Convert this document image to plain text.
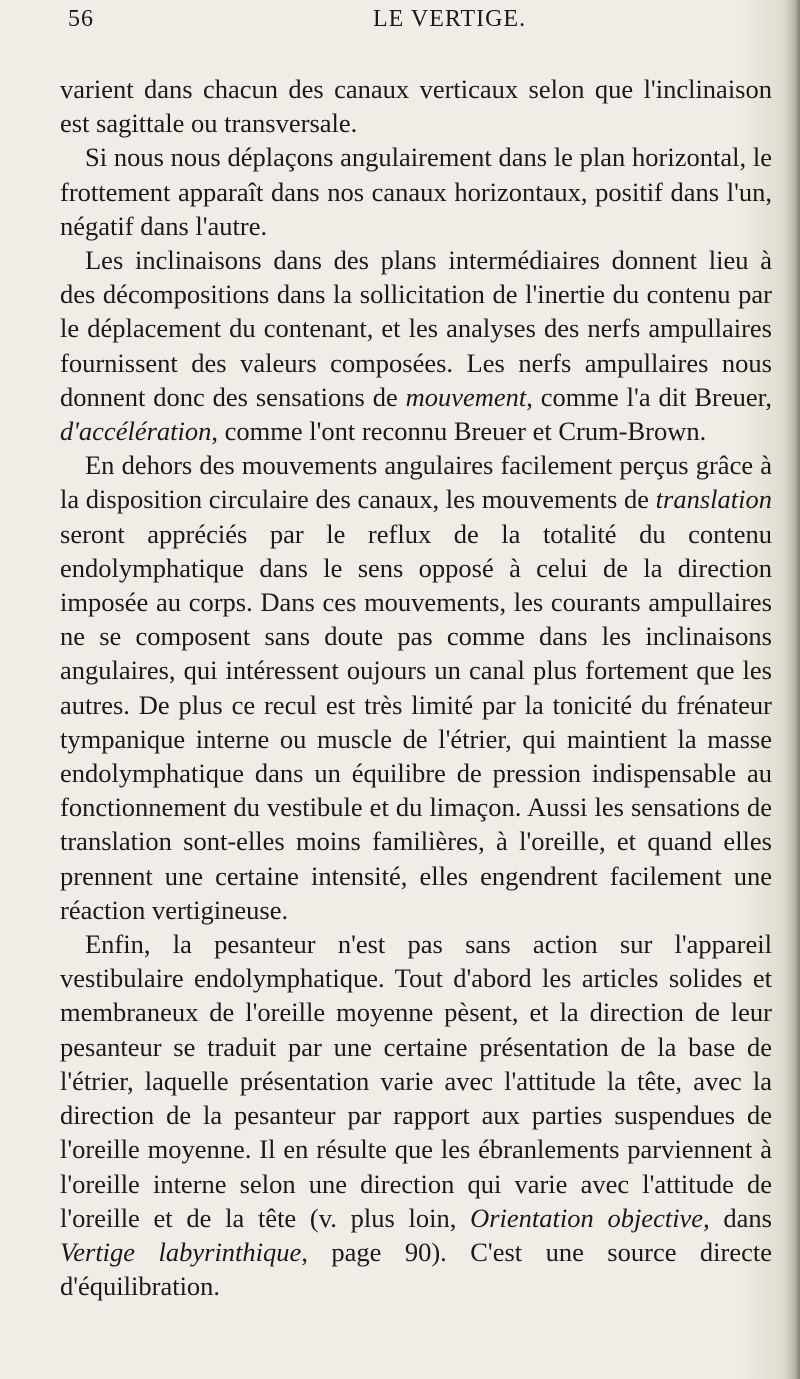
56	LE VERTIGE.

varient dans chacun des canaux verticaux selon que l'inclinaison est sagittale ou transversale.

Si nous nous déplaçons angulairement dans le plan horizontal, le frottement apparaît dans nos canaux horizontaux, positif dans l'un, négatif dans l'autre.

Les inclinaisons dans des plans intermédiaires donnent lieu à des décompositions dans la sollicitation de l'inertie du contenu par le déplacement du contenant, et les analyses des nerfs ampullaires fournissent des valeurs composées. Les nerfs ampullaires nous donnent donc des sensations de mouvement, comme l'a dit Breuer, d'accélération, comme l'ont reconnu Breuer et Crum-Brown.

En dehors des mouvements angulaires facilement perçus grâce à la disposition circulaire des canaux, les mouvements de translation seront appréciés par le reflux de la totalité du contenu endolymphatique dans le sens opposé à celui de la direction imposée au corps. Dans ces mouvements, les courants ampullaires ne se composent sans doute pas comme dans les inclinaisons angulaires, qui intéressent oujours un canal plus fortement que les autres. De plus ce recul est très limité par la tonicité du frénateur tympanique interne ou muscle de l'étrier, qui maintient la masse endolymphatique dans un équilibre de pression indispensable au fonctionnement du vestibule et du limaçon. Aussi les sensations de translation sont-elles moins familières, à l'oreille, et quand elles prennent une certaine intensité, elles engendrent facilement une réaction vertigineuse.

Enfin, la pesanteur n'est pas sans action sur l'appareil vestibulaire endolymphatique. Tout d'abord les articles solides et membraneux de l'oreille moyenne pèsent, et la direction de leur pesanteur se traduit par une certaine présentation de la base de l'étrier, laquelle présentation varie avec l'attitude la tête, avec la direction de la pesanteur par rapport aux parties suspendues de l'oreille moyenne. Il en résulte que les ébranlements parviennent à l'oreille interne selon une direction qui varie avec l'attitude de l'oreille et de la tête (v. plus loin, Orientation objective, dans Vertige labyrinthique, page 90). C'est une source directe d'équilibration.
